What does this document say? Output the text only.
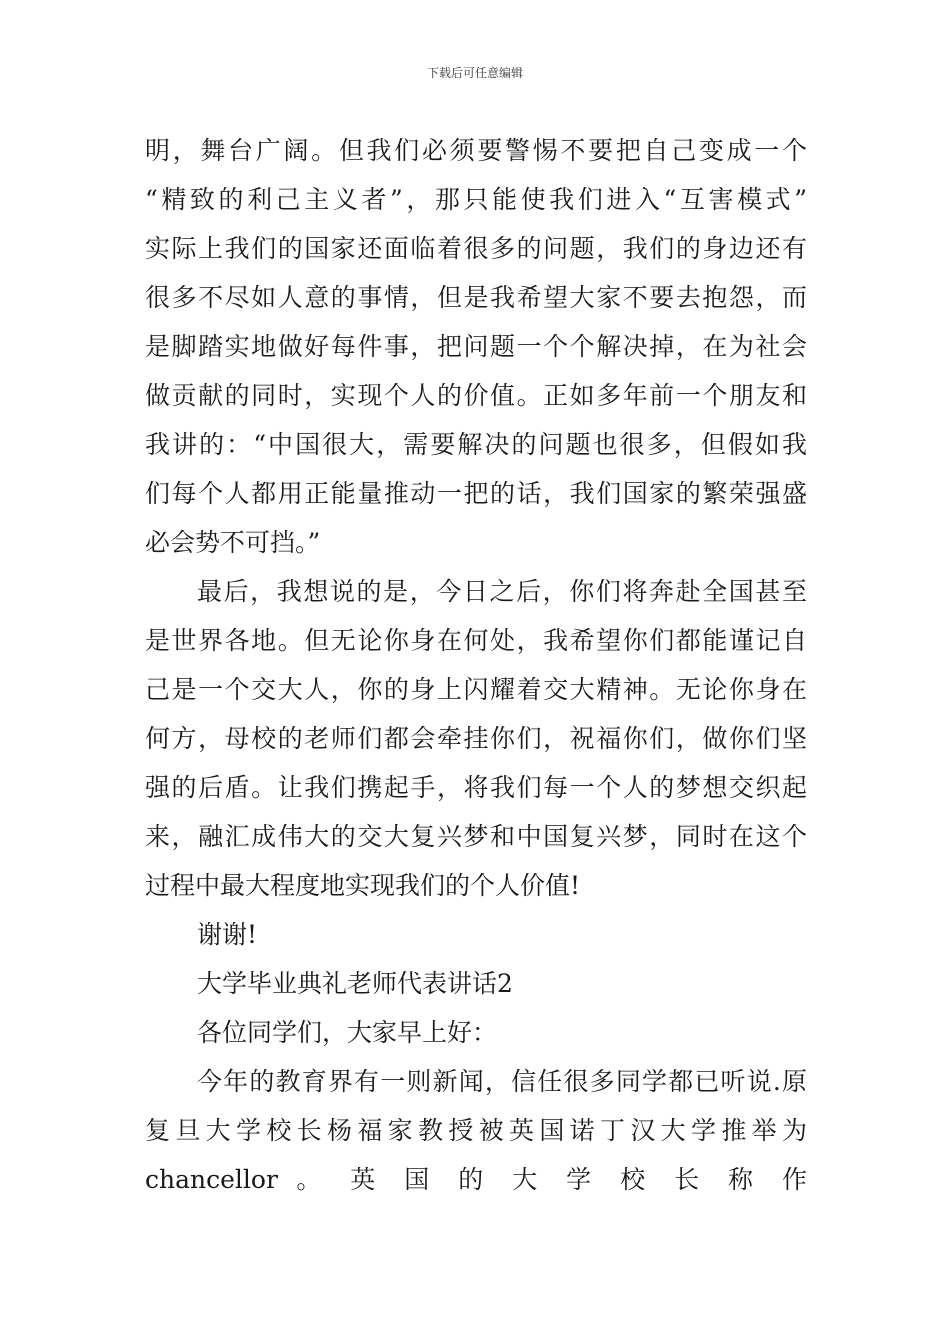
下载后可任意编辑
明，舞台广阔。但我们必须要警惕不要把自己变成一个
“精致的利己主义者”，那只能使我们进入“互害模式”
实际上我们的国家还面临着很多的问题，我们的身边还有
很多不尽如人意的事情，但是我希望大家不要去抱怨，而
是脚踏实地做好每件事，把问题一个个解决掉，在为社会
做贡献的同时，实现个人的价值。正如多年前一个朋友和
我讲的：“中国很大，需要解决的问题也很多，但假如我
们每个人都用正能量推动一把的话，我们国家的繁荣强盛
必会势不可挡。”
最后，我想说的是，今日之后，你们将奔赴全国甚至
是世界各地。但无论你身在何处，我希望你们都能谨记自
己是一个交大人，你的身上闪耀着交大精神。无论你身在
何方，母校的老师们都会牵挂你们，祝福你们，做你们坚
强的后盾。让我们携起手，将我们每一个人的梦想交织起
来，融汇成伟大的交大复兴梦和中国复兴梦，同时在这个
过程中最大程度地实现我们的个人价值!
谢谢!
大学毕业典礼老师代表讲话2
各位同学们，大家早上好：
今年的教育界有一则新闻，信任很多同学都已听说.原
复旦大学校长杨福家教授被英国诺丁汉大学推举为
chancellor 。 英 国 的 大 学 校 长 称 作
